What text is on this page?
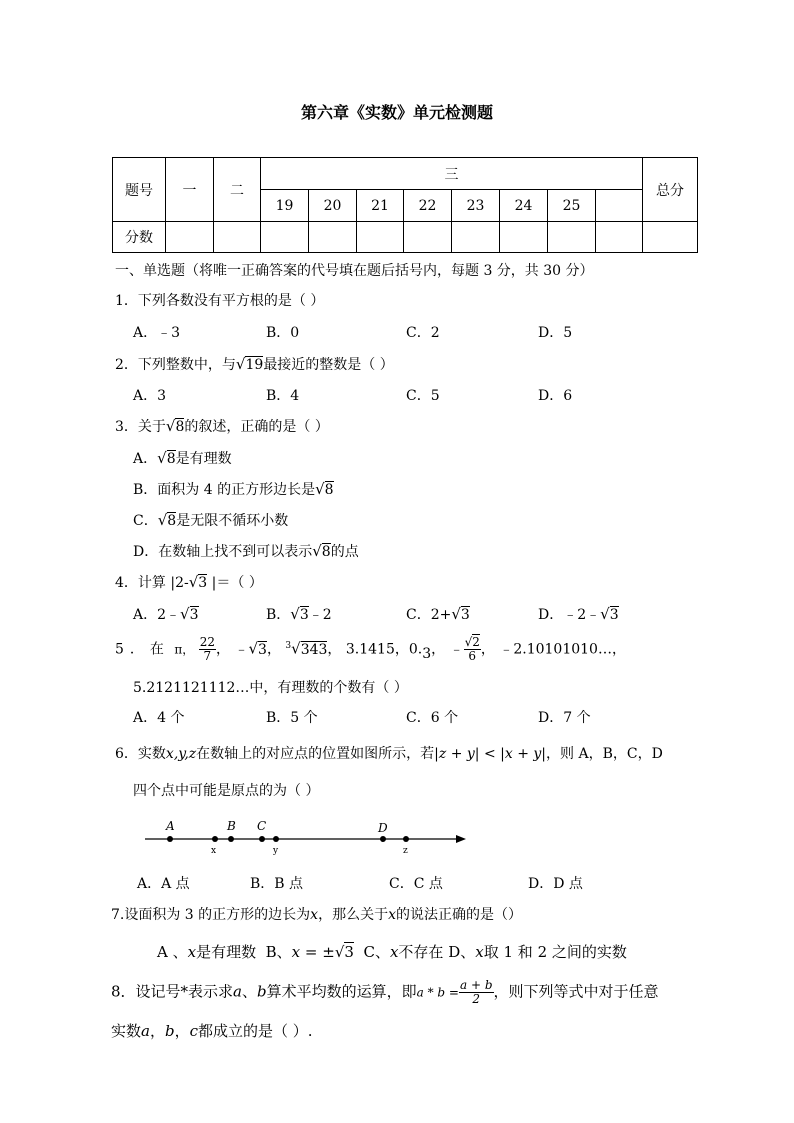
第六章《实数》单元检测题
题号	一	二	三								总分
			19	20	21	22	23	24	25		
分数											
一、单选题（将唯一正确答案的代号填在题后括号内，每题 3 分，共 30 分）
1．下列各数没有平方根的是（ ）
A．﹣3	B．0	C．2	D．5
2．下列整数中，与√19最接近的整数是（ ）
A．3	B．4	C．5	D．6
3．关于√8的叙述，正确的是（ ）
A．√8是有理数
B．面积为 4 的正方形边长是√8
C．√8是无限不循环小数
D．在数轴上找不到可以表示√8的点
4．计算 |2-√3 |＝（ ）
A．2﹣√3	B．√3﹣2	C．2+√3	D．﹣2﹣√3
5．在 π， $\frac{22}{7}$ ， ﹣√3， $^3$√343， 3.1415，0.3， ﹣ $\frac{√2}{6}$ ， ﹣2.10101010…，
5.2121121112…中，有理数的个数有（ ）
A．4 个	B．5 个	C．6 个	D．7 个
6．实数x,y,z在数轴上的对应点的位置如图所示，若|z + y| < |x + y|，则 A，B，C，D
四个点中可能是原点的为（ ）
A	B C	D
x	y	z
A．A 点	B．B 点	C．C 点	D．D 点
7.设面积为 3 的正方形的边长为x，那么关于x的说法正确的是（）
A 、x是有理数 B、x = ±√3 C、x不存在 D、x取 1 和 2 之间的实数
8．设记号*表示求a、b算术平均数的运算，即$a * b = \frac{a + b}{2}$ ，则下列等式中对于任意
实数a，b，c都成立的是（ ）.
